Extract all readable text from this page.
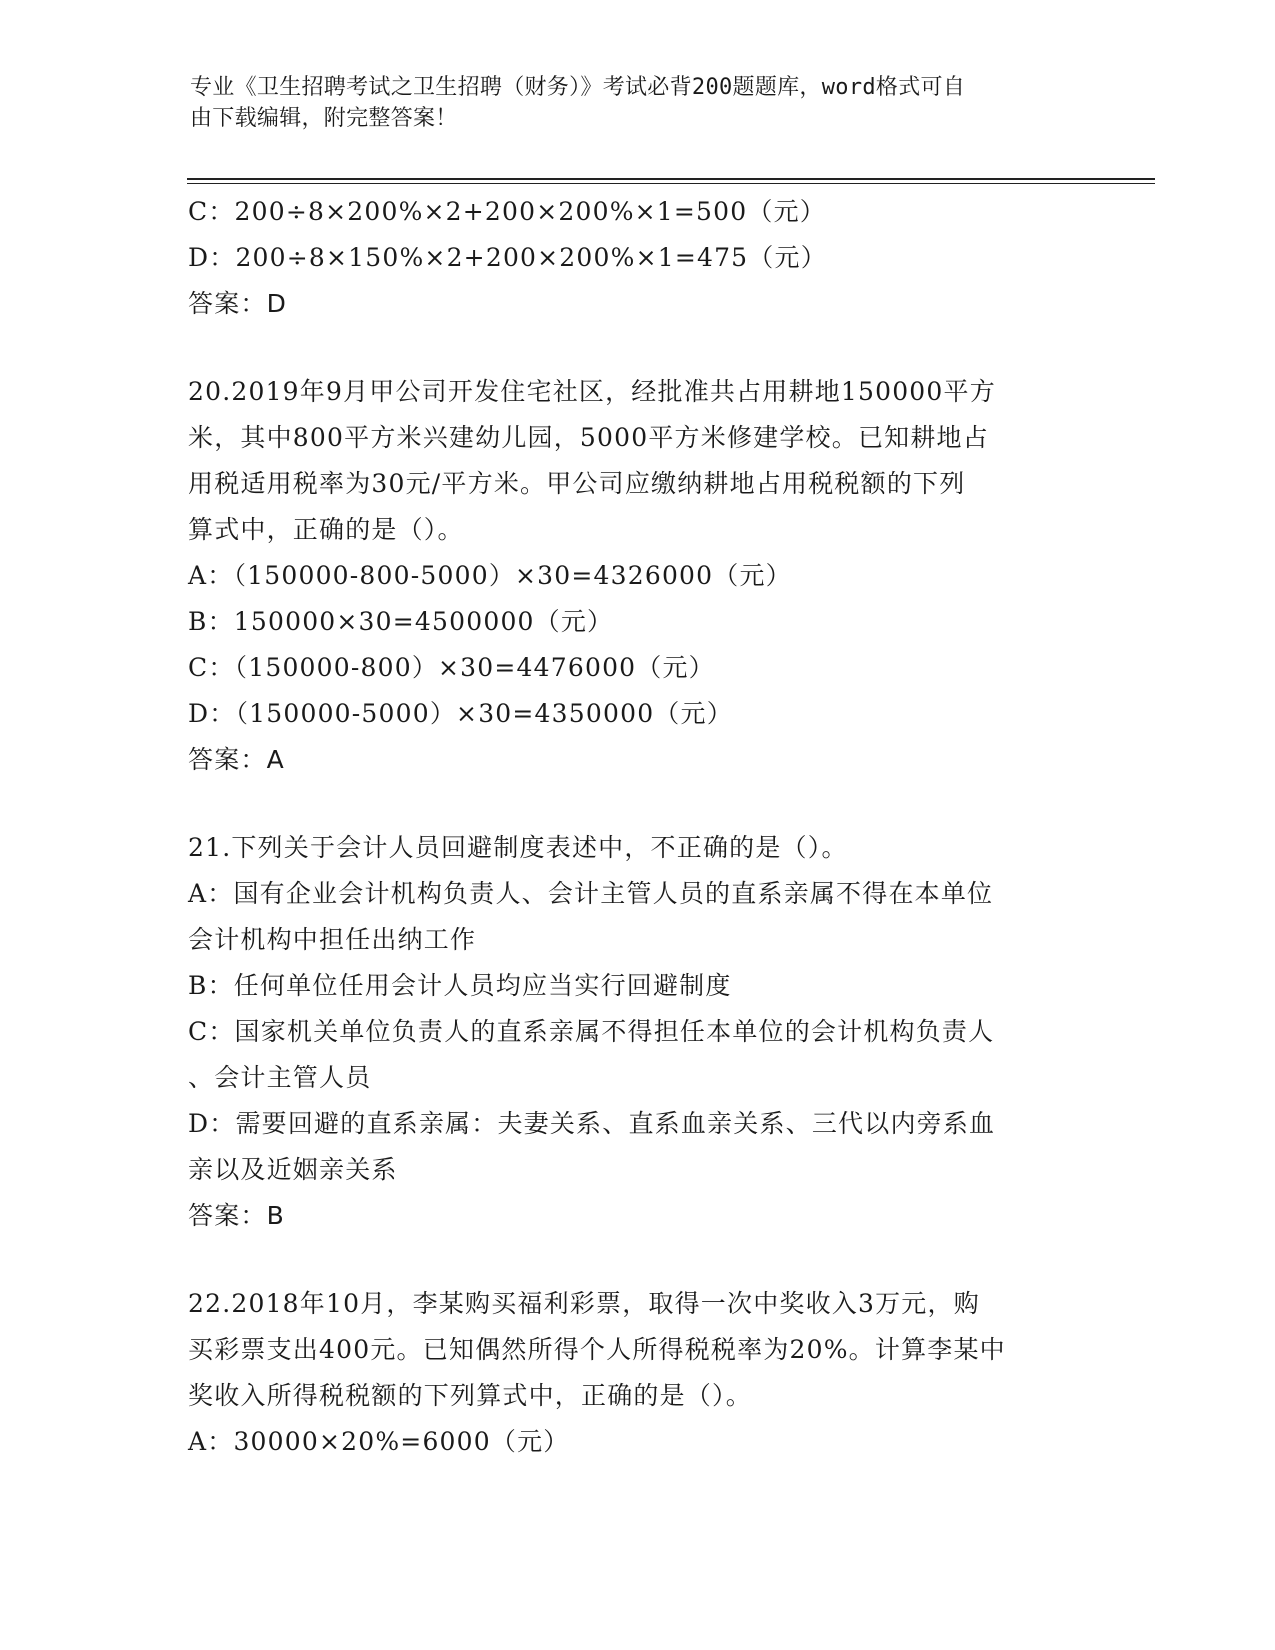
专业《卫生招聘考试之卫生招聘（财务）》考试必背200题题库，word格式可自
由下载编辑，附完整答案！
C：200÷8×200%×2+200×200%×1=500（元）
D：200÷8×150%×2+200×200%×1=475（元）
答案：D
20.2019年9月甲公司开发住宅社区，经批准共占用耕地150000平方
米，其中800平方米兴建幼儿园，5000平方米修建学校。已知耕地占
用税适用税率为30元/平方米。甲公司应缴纳耕地占用税税额的下列
算式中，正确的是（）。
A：（150000-800-5000）×30=4326000（元）
B：150000×30=4500000（元）
C：（150000-800）×30=4476000（元）
D：（150000-5000）×30=4350000（元）
答案：A
21.下列关于会计人员回避制度表述中，不正确的是（）。
A：国有企业会计机构负责人、会计主管人员的直系亲属不得在本单位
会计机构中担任出纳工作
B：任何单位任用会计人员均应当实行回避制度
C：国家机关单位负责人的直系亲属不得担任本单位的会计机构负责人
、会计主管人员
D：需要回避的直系亲属：夫妻关系、直系血亲关系、三代以内旁系血
亲以及近姻亲关系
答案：B
22.2018年10月，李某购买福利彩票，取得一次中奖收入3万元，购
买彩票支出400元。已知偶然所得个人所得税税率为20%。计算李某中
奖收入所得税税额的下列算式中，正确的是（）。
A：30000×20%=6000（元）
